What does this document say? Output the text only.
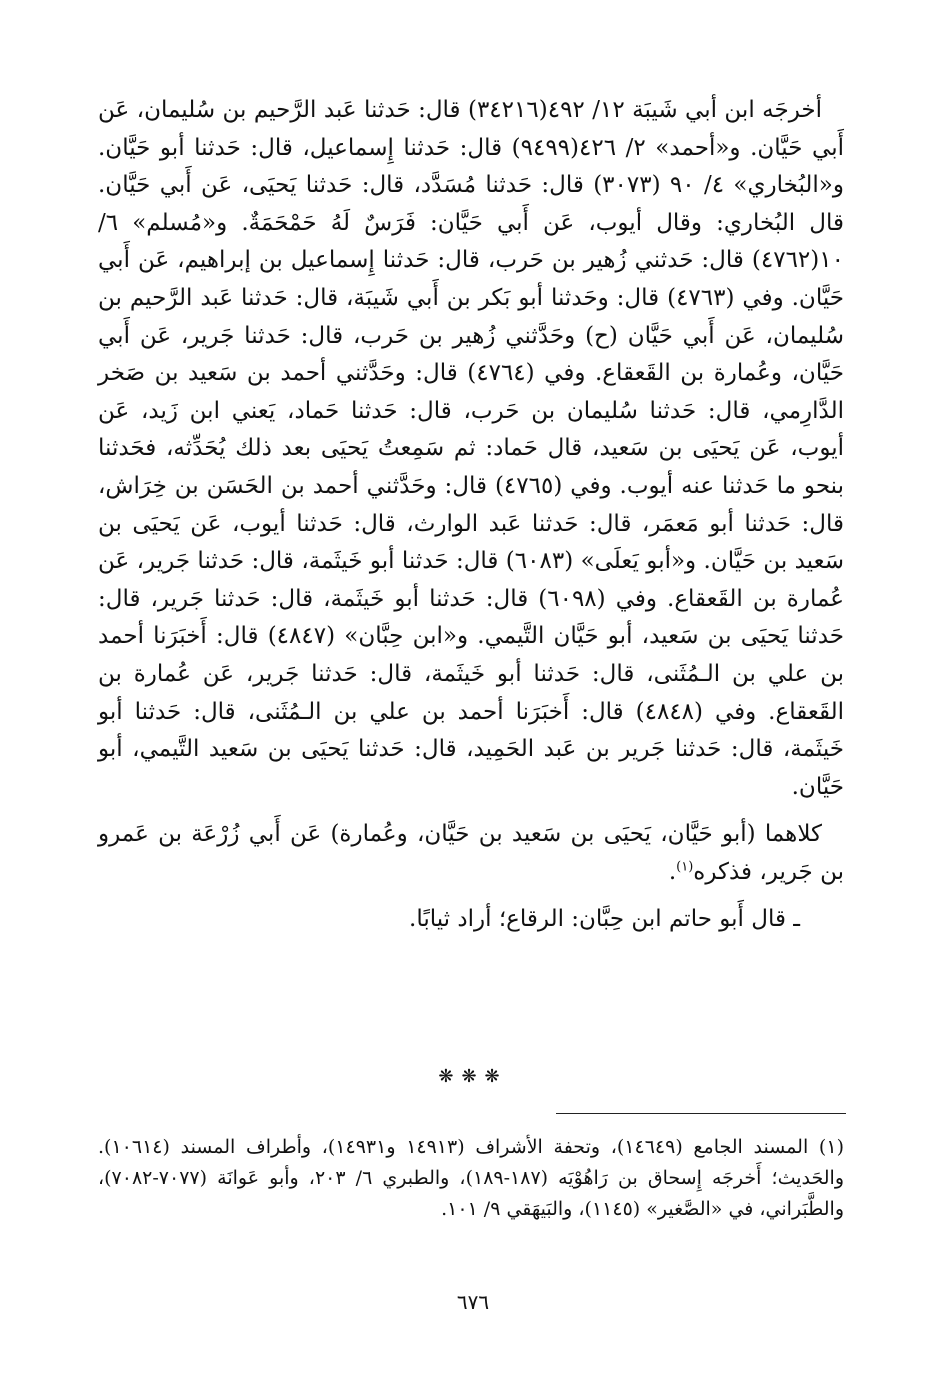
أخرجَه ابن أبي شَيبَة ١٢/ ٤٩٢(٣٤٢١٦) قال: حَدثنا عَبد الرَّحيم بن سُليمان، عَن أَبي حَيَّان. و«أحمد» ٢/ ٤٢٦(٩٤٩٩) قال: حَدثنا إِسماعيل، قال: حَدثنا أبو حَيَّان. و«البُخاري» ٤/ ٩٠ (٣٠٧٣) قال: حَدثنا مُسَدَّد، قال: حَدثنا يَحيَى، عَن أَبي حَيَّان. قال البُخاري: وقال أيوب، عَن أَبي حَيَّان: فَرَسٌ لَهُ حَمْحَمَةٌ. و«مُسلم» ٦/ ١٠(٤٧٦٢) قال: حَدثني زُهير بن حَرب، قال: حَدثنا إِسماعيل بن إبراهيم، عَن أَبي حَيَّان. وفي (٤٧٦٣) قال: وحَدثنا أبو بَكر بن أَبي شَيبَة، قال: حَدثنا عَبد الرَّحيم بن سُليمان، عَن أَبي حَيَّان (ح) وحَدَّثني زُهير بن حَرب، قال: حَدثنا جَرير، عَن أَبي حَيَّان، وعُمارة بن القَعقاع. وفي (٤٧٦٤) قال: وحَدَّثني أحمد بن سَعيد بن صَخر الدَّارِمي، قال: حَدثنا سُليمان بن حَرب، قال: حَدثنا حَماد، يَعني ابن زَيد، عَن أيوب، عَن يَحيَى بن سَعيد، قال حَماد: ثم سَمِعتُ يَحيَى بعد ذلك يُحَدِّثه، فحَدثنا بنحو ما حَدثنا عنه أيوب. وفي (٤٧٦٥) قال: وحَدَّثني أحمد بن الحَسَن بن خِرَاش، قال: حَدثنا أبو مَعمَر، قال: حَدثنا عَبد الوارث، قال: حَدثنا أيوب، عَن يَحيَى بن سَعيد بن حَيَّان. و«أبو يَعلَى» (٦٠٨٣) قال: حَدثنا أبو خَيثَمة، قال: حَدثنا جَرير، عَن عُمارة بن القَعقاع. وفي (٦٠٩٨) قال: حَدثنا أبو خَيثَمة، قال: حَدثنا جَرير، قال: حَدثنا يَحيَى بن سَعيد، أبو حَيَّان التَّيمي. و«ابن حِبَّان» (٤٨٤٧) قال: أَخبَرَنا أحمد بن علي بن الـمُثَنى، قال: حَدثنا أبو خَيثَمة، قال: حَدثنا جَرير، عَن عُمارة بن القَعقاع. وفي (٤٨٤٨) قال: أَخبَرَنا أحمد بن علي بن الـمُثَنى، قال: حَدثنا أبو خَيثَمة، قال: حَدثنا جَرير بن عَبد الحَمِيد، قال: حَدثنا يَحيَى بن سَعيد التَّيمي، أبو حَيَّان.

كلاهما (أبو حَيَّان، يَحيَى بن سَعيد بن حَيَّان، وعُمارة) عَن أَبي زُرْعَة بن عَمرو بن جَرير، فذكره$^{(١)}$.

ـ قال أَبو حاتم ابن حِبَّان: الرقاع؛ أراد ثيابًا.

❋❋❋

(١) المسند الجامع (١٤٦٤٩)، وتحفة الأشراف (١٤٩١٣ و١٤٩٣١)، وأطراف المسند (١٠٦١٤). والحَديث؛ أَخرجَه إِسحاق بن رَاهُوْيَه (١٨٧-١٨٩)، والطبري ٦/ ٢٠٣، وأبو عَوانَة (٧٠٧٧-٧٠٨٢)، والطَّبَراني، في «الصَّغير» (١١٤٥)، والبَيهَقي ٩/ ١٠١.

٦٧٦
